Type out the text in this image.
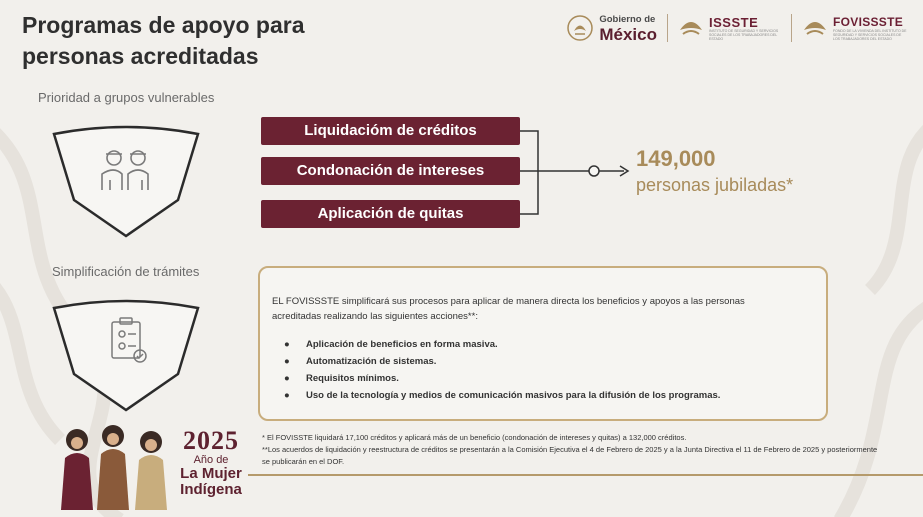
Programas de apoyo para
personas acreditadas
Gobierno de
México
ISSSTE
INSTITUTO DE SEGURIDAD Y SERVICIOS SOCIALES DE LOS TRABAJADORES DEL ESTADO
FOVISSSTE
FONDO DE LA VIVIENDA DEL INSTITUTO DE SEGURIDAD Y SERVICIOS SOCIALES DE LOS TRABAJADORES DEL ESTADO

Prioridad a grupos vulnerables

Liquidacióm de créditos
Condonación de intereses
Aplicación de quitas

149,000

personas jubiladas*

Simplificación de trámites

EL FOVISSSTE simplificará sus procesos para aplicar de manera directa los beneficios y apoyos a las personas acreditadas realizando las siguientes acciones**:

● Aplicación de beneficios en forma masiva.
● Automatización de sistemas.
● Requisitos mínimos.
● Uso de la tecnología y medios de comunicación masivos para la difusión de los programas.
2025
Año de
La Mujer
Indígena

* El FOVISSTE liquidará 17,100 créditos y aplicará más de un beneficio (condonación de intereses y quitas) a 132,000 créditos.

**Los acuerdos de liquidación y reestructura de créditos se presentarán a la Comisión Ejecutiva el 4 de Febrero de 2025 y a la Junta Directiva el 11 de Febrero de 2025 y posteriormente se publicarán en el DOF.
